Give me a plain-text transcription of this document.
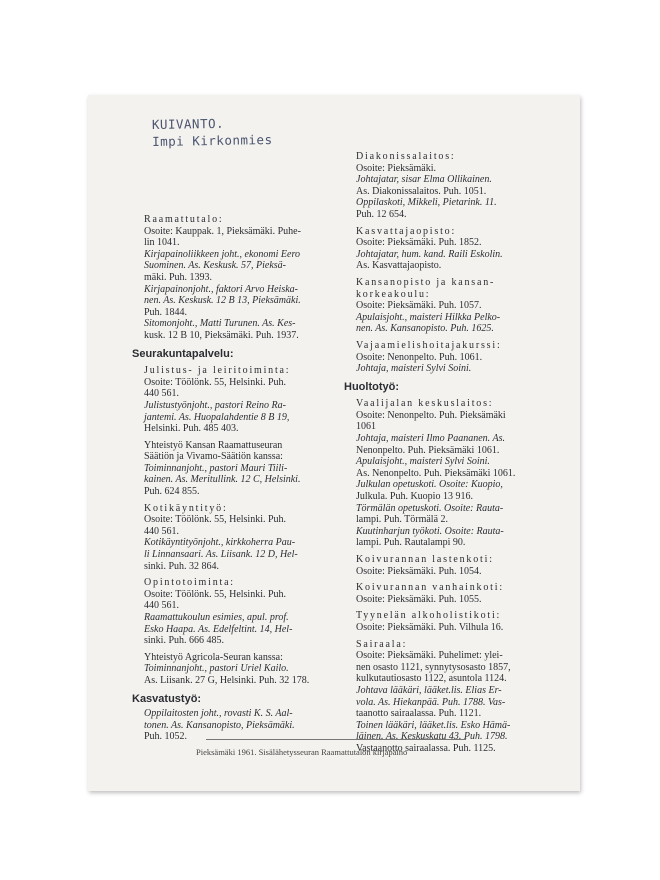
KUIVANTO.
Impi Kirkonmies
Raamattutalo:
Osoite: Kauppak. 1, Pieksämäki. Puhe-
lin 1041.
Kirjapainoliikkeen joht., ekonomi Eero
Suominen. As. Keskusk. 57, Pieksä-
mäki. Puh. 1393.
Kirjapainonjoht., faktori Arvo Heiska-
nen. As. Keskusk. 12 B 13, Pieksämäki.
Puh. 1844.
Sitomonjoht., Matti Turunen. As. Kes-
kusk. 12 B 10, Pieksämäki. Puh. 1937.
Seurakuntapalvelu:
Julistus- ja leiritoiminta:
Osoite: Töölönk. 55, Helsinki. Puh.
440 561.
Julistustyönjoht., pastori Reino Ra-
jantemi. As. Huopalahdentie 8 B 19,
Helsinki. Puh. 485 403.
Yhteistyö Kansan Raamattuseuran
Säätiön ja Vivamo-Säätiön kanssa:
Toiminnanjoht., pastori Mauri Tiili-
kainen. As. Meritullink. 12 C, Helsinki.
Puh. 624 855.
Kotikäyntityö:
Osoite: Töölönk. 55, Helsinki. Puh.
440 561.
Kotikäyntityönjoht., kirkkoherra Pau-
li Linnansaari. As. Liisank. 12 D, Hel-
sinki. Puh. 32 864.
Opintotoiminta:
Osoite: Töölönk. 55, Helsinki. Puh.
440 561.
Raamattukoulun esimies, apul. prof.
Esko Haapa. As. Edelfeltint. 14, Hel-
sinki. Puh. 666 485.
Yhteistyö Agricola-Seuran kanssa:
Toiminnanjoht., pastori Uriel Kailo.
As. Liisank. 27 G, Helsinki. Puh. 32 178.
Kasvatustyö:
Oppilaitosten joht., rovasti K. S. Aal-
tonen. As. Kansanopisto, Pieksämäki.
Puh. 1052.
Diakonissalaitos:
Osoite: Pieksämäki.
Johtajatar, sisar Elma Ollikainen.
As. Diakonissalaitos. Puh. 1051.
Oppilaskoti, Mikkeli, Pietarink. 11.
Puh. 12 654.
Kasvattajaopisto:
Osoite: Pieksämäki. Puh. 1852.
Johtajatar, hum. kand. Raili Eskolin.
As. Kasvattajaopisto.
Kansanopisto ja kansan-
korkeakoulu:
Osoite: Pieksämäki. Puh. 1057.
Apulaisjoht., maisteri Hilkka Pelko-
nen. As. Kansanopisto. Puh. 1625.
Vajaamielishoitajakurssi:
Osoite: Nenonpelto. Puh. 1061.
Johtaja, maisteri Sylvi Soini.
Huoltotyö:
Vaalijalan keskuslaitos:
Osoite: Nenonpelto. Puh. Pieksämäki
1061
Johtaja, maisteri Ilmo Paananen. As.
Nenonpelto. Puh. Pieksämäki 1061.
Apulaisjoht., maisteri Sylvi Soini.
As. Nenonpelto. Puh. Pieksämäki 1061.
Julkulan opetuskoti. Osoite: Kuopio,
Julkula. Puh. Kuopio 13 916.
Törmälän opetuskoti. Osoite: Rauta-
lampi. Puh. Törmälä 2.
Kuutinharjun työkoti. Osoite: Rauta-
lampi. Puh. Rautalampi 90.
Koivurannan lastenkoti:
Osoite: Pieksämäki. Puh. 1054.
Koivurannan vanhainkoti:
Osoite: Pieksämäki. Puh. 1055.
Tyynelän alkoholistikoti:
Osoite: Pieksämäki. Puh. Vilhula 16.
Sairaala:
Osoite: Pieksämäki. Puhelimet: ylei-
nen osasto 1121, synnytysosasto 1857,
kulkutautiosasto 1122, asuntola 1124.
Johtava lääkäri, lääket.lis. Elias Er-
vola. As. Hiekanpää. Puh. 1788. Vas-
taanotto sairaalassa. Puh. 1121.
Toinen lääkäri, lääket.lis. Esko Hämä-
läinen. As. Keskuskatu 43. Puh. 1798.
Vastaanotto sairaalassa. Puh. 1125.
Pieksämäki 1961. Sisälähetysseuran Raamattutalon kirjapaino
